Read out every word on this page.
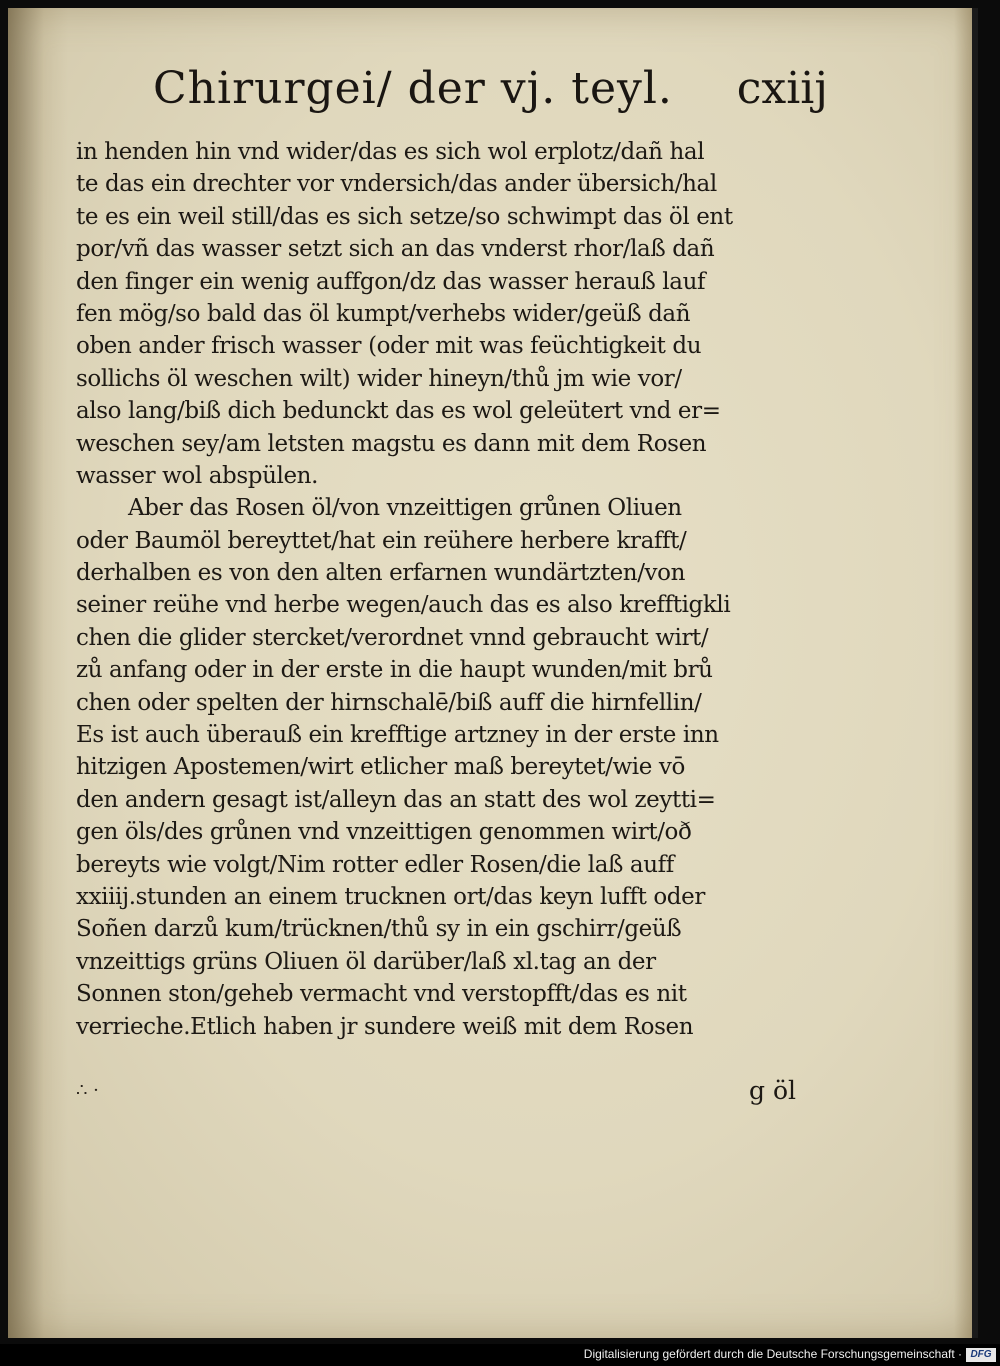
Chirurgei/ der vj. teyl. cxiij
in henden hin vnd wider/das es sich wol erplotz/dañ hal
te das ein drechter vor vndersich/das ander übersich/hal
te es ein weil still/das es sich setze/so schwimpt das öl ent
por/vñ das wasser setzt sich an das vnderst rhor/laß dañ
den finger ein wenig auffgon/dz das wasser herauß lauf
fen mög/so bald das öl kumpt/verhebs wider/geüß dañ
oben ander frisch wasser (oder mit was feüchtigkeit du
sollichs öl weschen wilt) wider hineyn/thů jm wie vor/
also lang/biß dich bedunckt das es wol geleütert vnd er=
weschen sey/am letsten magstu es dann mit dem Rosen
wasser wol abspülen.
Aber das Rosen öl/von vnzeittigen grůnen Oliuen
oder Baumöl bereyttet/hat ein reühere herbere krafft/
derhalben es von den alten erfarnen wundärtzten/von
seiner reühe vnd herbe wegen/auch das es also krefftigkli
chen die glider stercket/verordnet vnnd gebraucht wirt/
zů anfang oder in der erste in die haupt wunden/mit brů
chen oder spelten der hirnschalē/biß auff die hirnfellin/
Es ist auch überauß ein krefftige artzney in der erste inn
hitzigen Apostemen/wirt etlicher maß bereytet/wie vō
den andern gesagt ist/alleyn das an statt des wol zeytti=
gen öls/des grůnen vnd vnzeittigen genommen wirt/oð
bereyts wie volgt/Nim rotter edler Rosen/die laß auff
xxiiij.stunden an einem trucknen ort/das keyn lufft oder
Soñen darzů kum/trücknen/thů sy in ein gschirr/geüß
vnzeittigs grüns Oliuen öl darüber/laß xl.tag an der
Sonnen ston/geheb vermacht vnd verstopfft/das es nit
verrieche.Etlich haben jr sundere weiß mit dem Rosen
∴ ·	g öl
Digitalisierung gefördert durch die Deutsche Forschungsgemeinschaft · DFG
